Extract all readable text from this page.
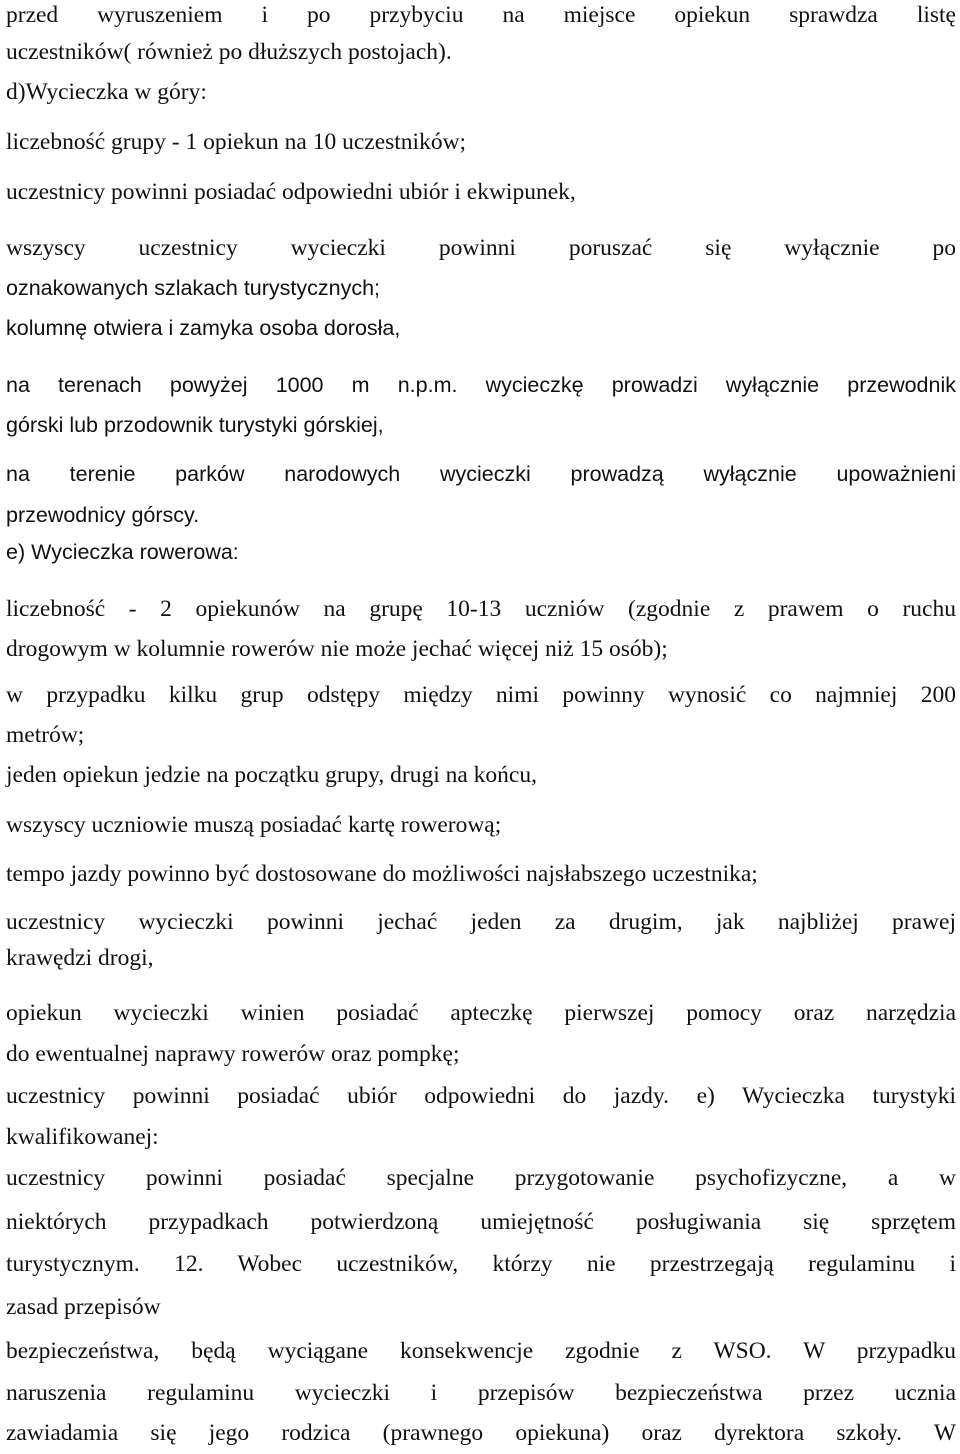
przed wyruszeniem i po przybyciu na miejsce opiekun sprawdza listę
uczestników( również po dłuższych postojach).
d)Wycieczka w góry:
liczebność grupy - 1 opiekun na 10 uczestników;
uczestnicy powinni posiadać odpowiedni ubiór i ekwipunek,
wszyscy uczestnicy wycieczki powinni poruszać się wyłącznie po
oznakowanych szlakach turystycznych;
kolumnę otwiera i zamyka osoba dorosła,
na terenach powyżej 1000 m n.p.m. wycieczkę prowadzi wyłącznie przewodnik
górski lub przodownik turystyki górskiej,
na terenie parków narodowych wycieczki prowadzą wyłącznie upoważnieni
przewodnicy górscy.
e) Wycieczka rowerowa:
liczebność - 2 opiekunów na grupę 10-13 uczniów (zgodnie z prawem o ruchu
drogowym w kolumnie rowerów nie może jechać więcej niż 15 osób);
w przypadku kilku grup odstępy między nimi powinny wynosić co najmniej 200
metrów;
jeden opiekun jedzie na początku grupy, drugi na końcu,
wszyscy uczniowie muszą posiadać kartę rowerową;
tempo jazdy powinno być dostosowane do możliwości najsłabszego uczestnika;
uczestnicy wycieczki powinni jechać jeden za drugim, jak najbliżej prawej
krawędzi drogi,
opiekun wycieczki winien posiadać apteczkę pierwszej pomocy oraz narzędzia
do ewentualnej naprawy rowerów oraz pompkę;
uczestnicy powinni posiadać ubiór odpowiedni do jazdy. e) Wycieczka turystyki
kwalifikowanej:
uczestnicy powinni posiadać specjalne przygotowanie psychofizyczne, a w
niektórych przypadkach potwierdzoną umiejętność posługiwania się sprzętem
turystycznym. 12. Wobec uczestników, którzy nie przestrzegają regulaminu i
zasad przepisów
bezpieczeństwa, będą wyciągane konsekwencje zgodnie z WSO. W przypadku
naruszenia regulaminu wycieczki i przepisów bezpieczeństwa przez ucznia
zawiadamia się jego rodzica (prawnego opiekuna) oraz dyrektora szkoły. W
